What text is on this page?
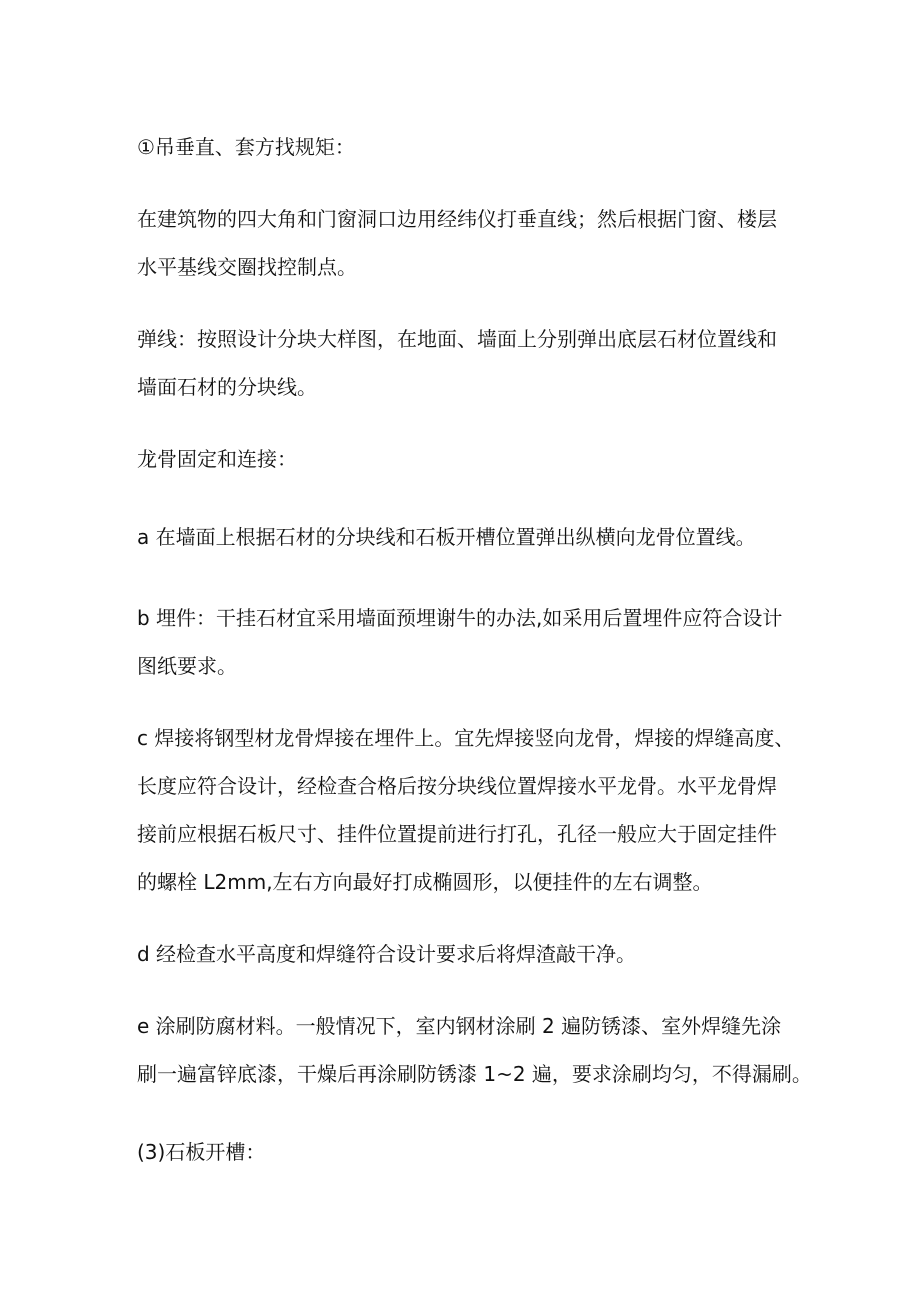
①吊垂直、套方找规矩：
在建筑物的四大角和门窗洞口边用经纬仪打垂直线；然后根据门窗、楼层
水平基线交圈找控制点。
弹线：按照设计分块大样图，在地面、墙面上分别弹出底层石材位置线和
墙面石材的分块线。
龙骨固定和连接：
a 在墙面上根据石材的分块线和石板开槽位置弹出纵横向龙骨位置线。
b 埋件：干挂石材宜采用墙面预埋谢牛的办法,如采用后置埋件应符合设计
图纸要求。
c 焊接将钢型材龙骨焊接在埋件上。宜先焊接竖向龙骨，焊接的焊缝高度、
长度应符合设计，经检查合格后按分块线位置焊接水平龙骨。水平龙骨焊
接前应根据石板尺寸、挂件位置提前进行打孔，孔径一般应大于固定挂件
的螺栓 L2mm,左右方向最好打成椭圆形，以便挂件的左右调整。
d 经检查水平高度和焊缝符合设计要求后将焊渣敲干净。
e 涂刷防腐材料。一般情况下，室内钢材涂刷 2 遍防锈漆、室外焊缝先涂
刷一遍富锌底漆，干燥后再涂刷防锈漆 1~2 遍，要求涂刷均匀，不得漏刷。
(3)石板开槽：
